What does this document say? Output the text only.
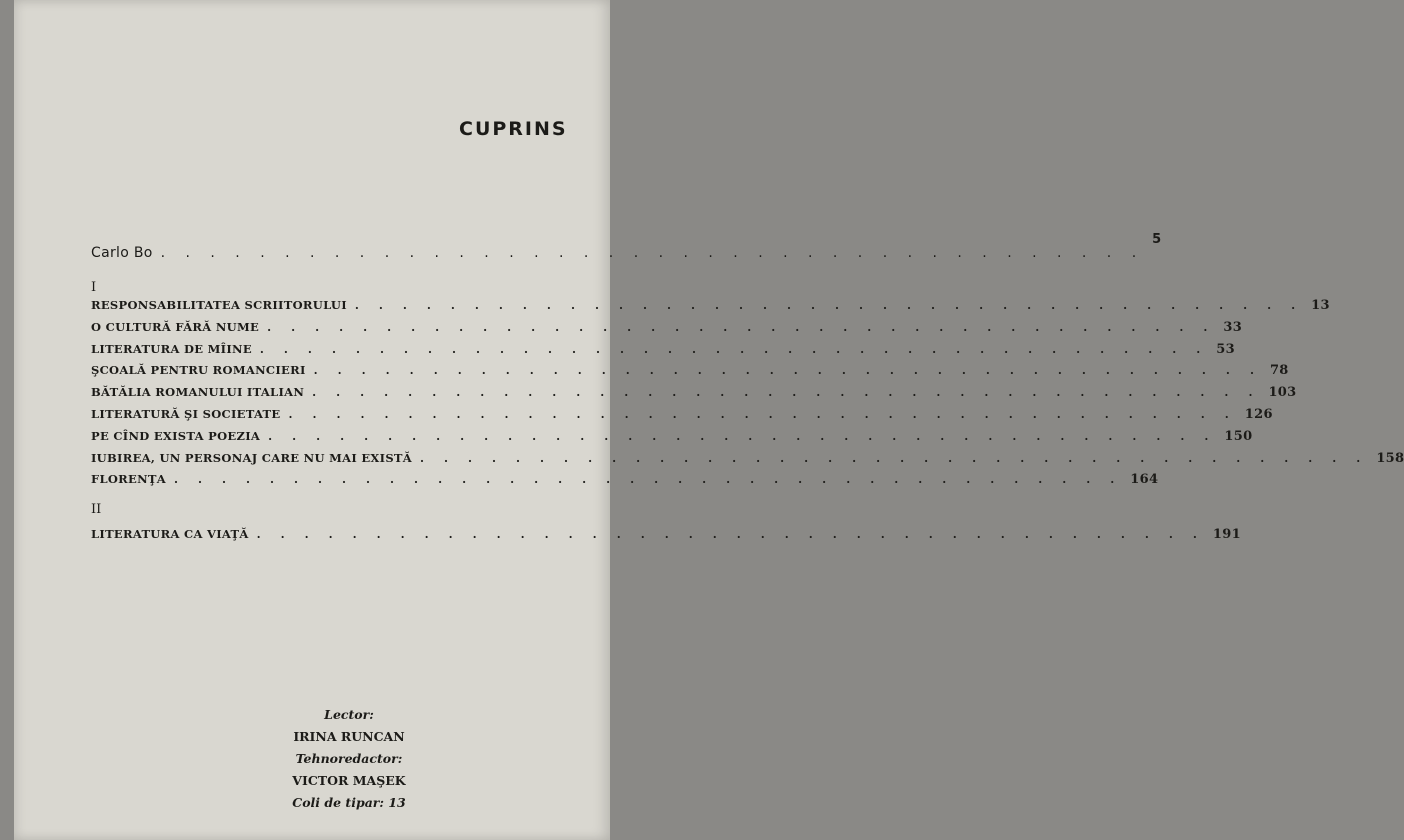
CUPRINS
Carlo Bo . . . . . . . . . . . . . . . . . . . . . . . . . . . . . . . . . . . . . . . .
5
I
RESPONSABILITATEA SCRIITORULUI . . . . . . . . . . . . . . . . . . . . . . . . . . . . . . . . . . . . . . . . 13
O CULTURĂ FĂRĂ NUME . . . . . . . . . . . . . . . . . . . . . . . . . . . . . . . . . . . . . . . . 33
LITERATURA DE MÎINE . . . . . . . . . . . . . . . . . . . . . . . . . . . . . . . . . . . . . . . . 53
ŞCOALĂ PENTRU ROMANCIERI . . . . . . . . . . . . . . . . . . . . . . . . . . . . . . . . . . . . . . . . 78
BĂTĂLIA ROMANULUI ITALIAN . . . . . . . . . . . . . . . . . . . . . . . . . . . . . . . . . . . . . . . . 103
LITERATURĂ ŞI SOCIETATE . . . . . . . . . . . . . . . . . . . . . . . . . . . . . . . . . . . . . . . . 126
PE CÎND EXISTA POEZIA . . . . . . . . . . . . . . . . . . . . . . . . . . . . . . . . . . . . . . . . 150
IUBIREA, UN PERSONAJ CARE NU MAI EXISTĂ . . . . . . . . . . . . . . . . . . . . . . . . . . . . . . . . . . . . . . . . 158
FLORENŢA . . . . . . . . . . . . . . . . . . . . . . . . . . . . . . . . . . . . . . . . 164
II
LITERATURA CA VIAŢĂ . . . . . . . . . . . . . . . . . . . . . . . . . . . . . . . . . . . . . . . . 191
Lector:
IRINA RUNCAN
Tehnoredactor:
VICTOR MAŞEK
Coli de tipar: 13
